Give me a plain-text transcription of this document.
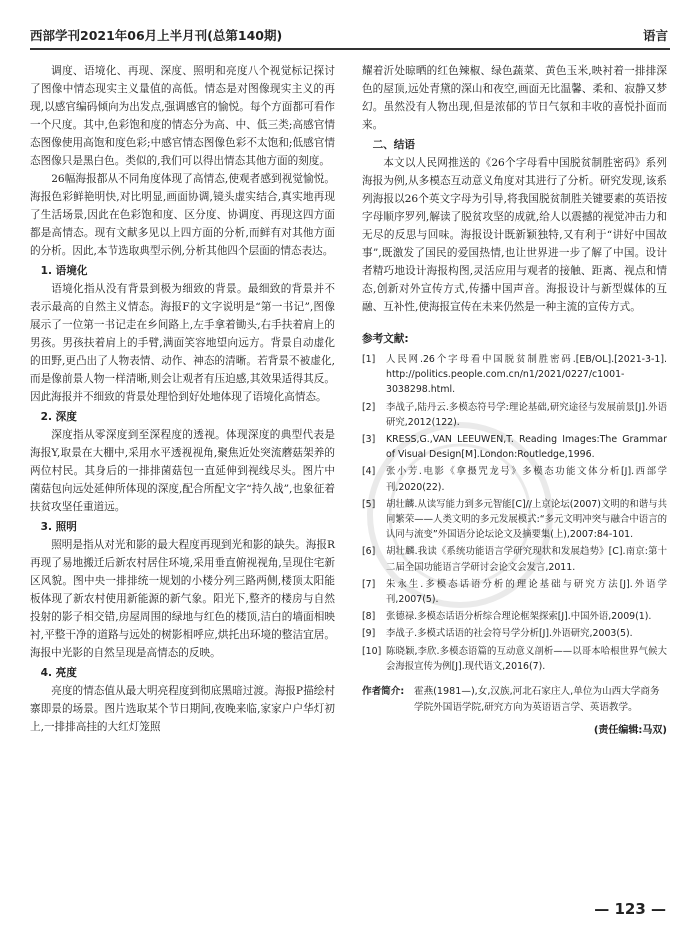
西部学刊2021年06月上半月刊(总第140期)	语言

调度、语境化、再现、深度、照明和亮度八个视觉标记探讨了图像中情态现实主义量值的高低。情态是对图像现实主义的再现,以感官编码倾向为出发点,强调感官的愉悦。每个方面都可看作一个尺度。其中,色彩饱和度的情态分为高、中、低三类;高感官情态图像使用高饱和度色彩;中感官情态图像色彩不太饱和;低感官情态图像只是黑白色。类似的,我们可以得出情态其他方面的刻度。

26幅海报都从不同角度体现了高情态,使观者感到视觉愉悦。海报色彩鲜艳明快,对比明显,画面协调,镜头虚实结合,真实地再现了生活场景,因此在色彩饱和度、区分度、协调度、再现这四方面都是高情态。现有文献多见以上四方面的分析,而鲜有对其他方面的分析。因此,本节选取典型示例,分析其他四个层面的情态表达。

1. 语境化

语境化指从没有背景到极为细致的背景。最细致的背景并不表示最高的自然主义情态。海报F的文字说明是“第一书记”,图像展示了一位第一书记走在乡间路上,左手拿着锄头,右手扶着肩上的男孩。男孩扶着肩上的手臂,满面笑容地望向远方。背景自动虚化的田野,更凸出了人物表情、动作、神态的清晰。若背景不被虚化,而是像前景人物一样清晰,则会让观者有压迫感,其效果适得其反。因此海报并不细致的背景处理恰到好处地体现了语境化高情态。

2. 深度

深度指从零深度到至深程度的透视。体现深度的典型代表是海报Y,取景在大棚中,采用水平透视视角,聚焦近处突流蘑菇架养的两位村民。其身后的一排排菌菇包一直延伸到视线尽头。图片中菌菇包向远处延伸所体现的深度,配合所配文字“持久战”,也象征着扶贫攻坚任重道远。

3. 照明

照明是指从对光和影的最大程度再现到光和影的缺失。海报R再现了易地搬迁后新农村居住环境,采用垂直俯视视角,呈现住宅新区风貌。图中央一排排统一规划的小楼分列三路两侧,楼顶太阳能板体现了新农村使用新能源的新气象。阳光下,整齐的楼房与自然投射的影子相交错,房屋周围的绿地与红色的楼顶,洁白的墙面相映衬,平整干净的道路与远处的树影相呼应,烘托出环境的整洁宜居。海报中光影的自然呈现是高情态的反映。

4. 亮度

亮度的情态值从最大明亮程度到彻底黑暗过渡。海报P描绘村寨即景的场景。图片选取某个节日期间,夜晚来临,家家户户华灯初上,一排排高挂的大红灯笼照

耀着沂处晾晒的红色辣椒、绿色蔬菜、黄色玉米,映衬着一排排深色的屋顶,远处青黛的深山和夜空,画面无比温馨、柔和、寂静又梦幻。虽然没有人物出现,但是浓郁的节日气氛和丰收的喜悦扑面而来。

二、结语

本文以人民网推送的《26个字母看中国脱贫制胜密码》系列海报为例,从多模态互动意义角度对其进行了分析。研究发现,该系列海报以26个英文字母为引导,将我国脱贫制胜关键要素的英语按字母顺序罗列,解读了脱贫攻坚的成就,给人以震撼的视觉冲击力和无尽的反思与回味。海报设计既新颖独特,又有利于“讲好中国故事”,既激发了国民的爱国热情,也让世界进一步了解了中国。设计者精巧地设计海报构图,灵活应用与观者的接触、距离、视点和情态,创新对外宣传方式,传播中国声音。海报设计与新型媒体的互融、互补性,使海报宣传在未来仍然是一种主流的宣传方式。

参考文献:
[1]	人民网.26个字母看中国脱贫制胜密码.[EB/OL].[2021-3-1]. http://politics.people.com.cn/n1/2021/0227/c1001-3038298.html.
[2]	李战子,陆丹云.多模态符号学:理论基础,研究途径与发展前景[J].外语研究,2012(122).
[3]	KRESS,G.,VAN LEEUWEN,T. Reading Images:The Grammar of Visual Design[M].London:Routledge,1996.
[4]	张小芳.电影《拿摄咒龙号》多模态功能文体分析[J].西部学刊,2020(22).
[5]	胡壮麟.从读写能力到多元智能[C]//上京论坛(2007)文明的和谐与共同繁荣——人类文明的多元发展模式:“多元文明冲突与融合中语言的认同与流变”外国语分论坛论文及摘要集(上),2007:84-101.
[6]	胡壮麟.我读《系统功能语言学研究现状和发展趋势》[C].南京:第十二届全国功能语言学研讨会论文会发言,2011.
[7]	朱永生.多模态话语分析的理论基础与研究方法[J].外语学刊,2007(5).
[8]	张德禄.多模态话语分析综合理论框架探索[J].中国外语,2009(1).
[9]	李战子.多模式话语的社会符号学分析[J].外语研究,2003(5).
[10] 陈晓颖,李欣.多模态语篇的互动意义剖析——以哥本哈根世界气候大会海报宣传为例[J].现代语文,2016(7).
作者简介:	霍燕(1981—),女,汉族,河北石家庄人,单位为山西大学商务学院外国语学院,研究方向为英语语言学、英语教学。
(责任编辑:马双)
— 123 —
